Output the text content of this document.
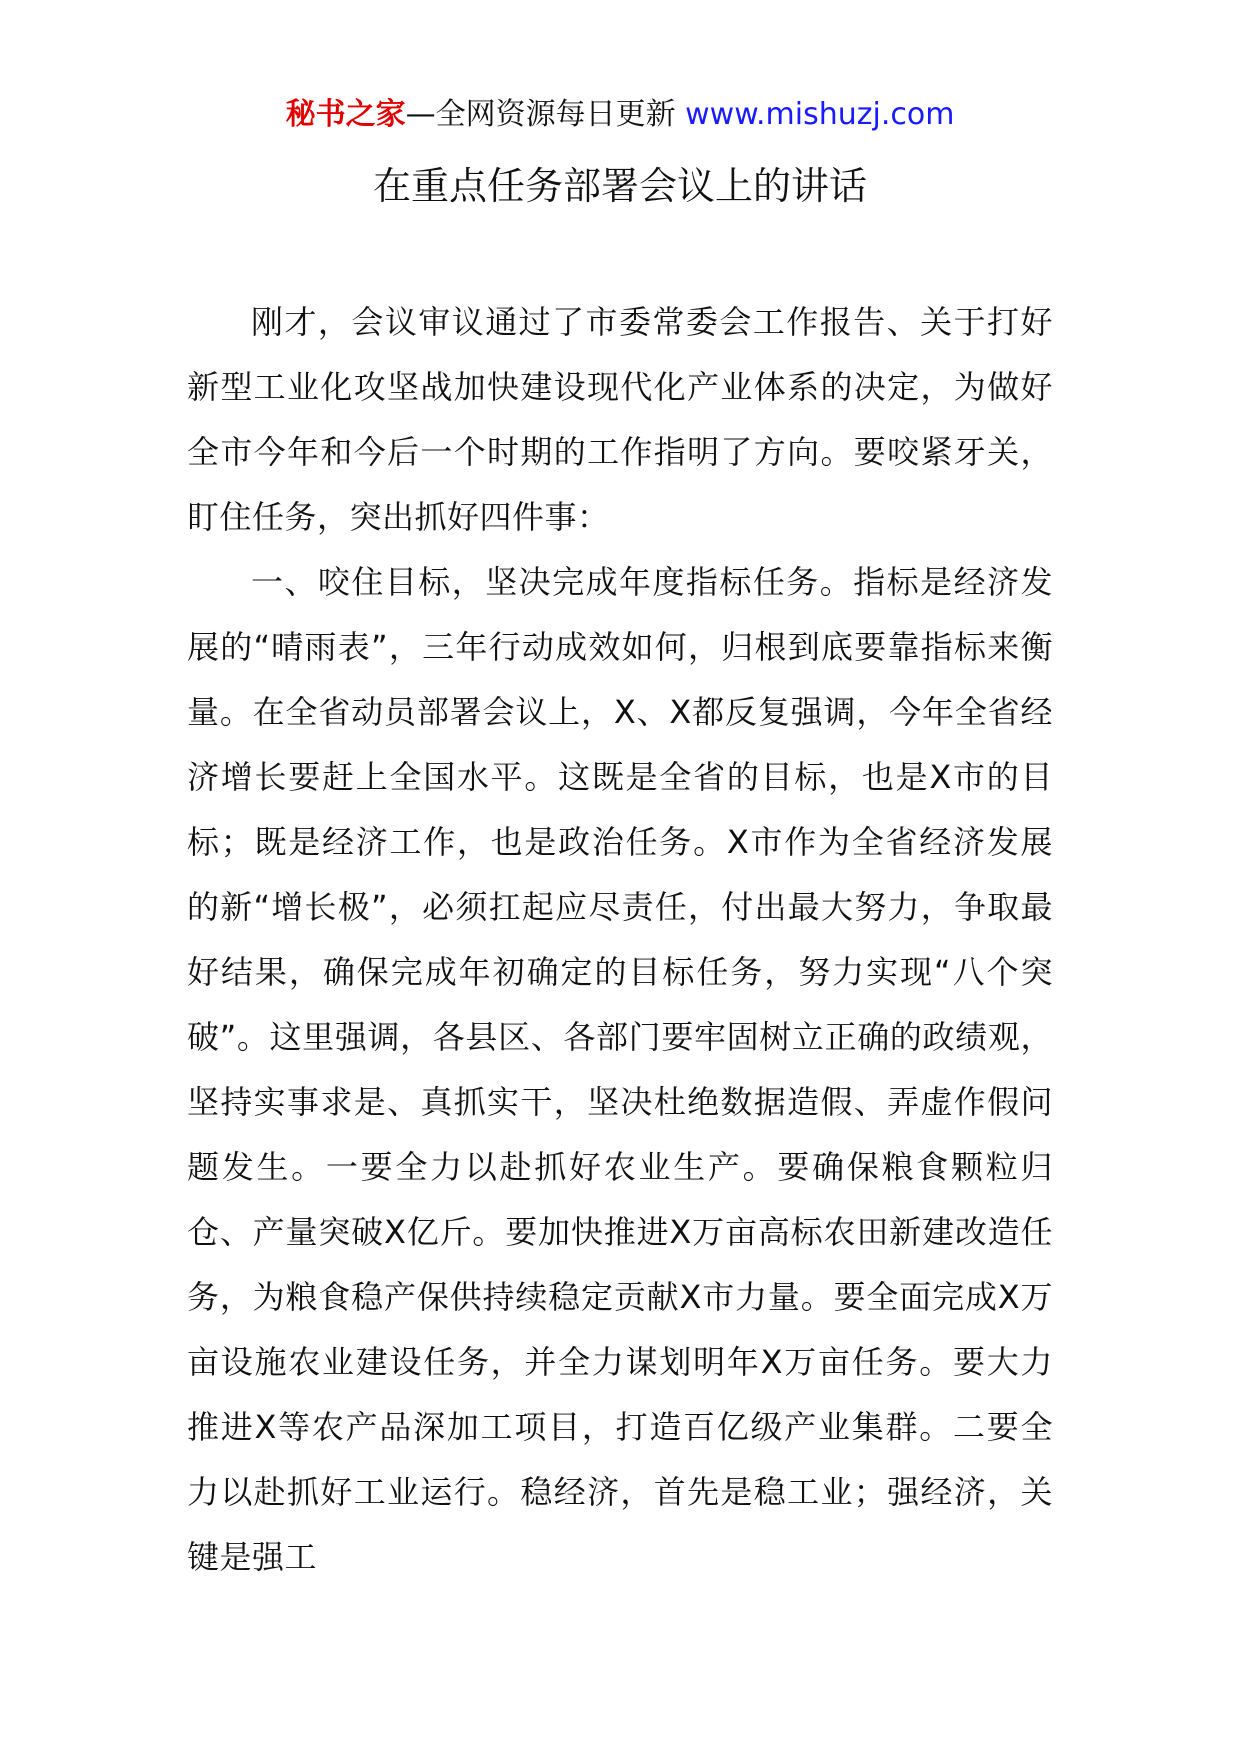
秘书之家—全网资源每日更新 www.mishuzj.com
在重点任务部署会议上的讲话

刚才，会议审议通过了市委常委会工作报告、关于打好新型工业化攻坚战加快建设现代化产业体系的决定，为做好全市今年和今后一个时期的工作指明了方向。要咬紧牙关，盯住任务，突出抓好四件事：

一、咬住目标，坚决完成年度指标任务。指标是经济发展的“晴雨表”，三年行动成效如何，归根到底要靠指标来衡量。在全省动员部署会议上，X、X都反复强调，今年全省经济增长要赶上全国水平。这既是全省的目标，也是X市的目标；既是经济工作，也是政治任务。X市作为全省经济发展的新“增长极”，必须扛起应尽责任，付出最大努力，争取最好结果，确保完成年初确定的目标任务，努力实现“八个突破”。这里强调，各县区、各部门要牢固树立正确的政绩观，坚持实事求是、真抓实干，坚决杜绝数据造假、弄虚作假问题发生。一要全力以赴抓好农业生产。要确保粮食颗粒归仓、产量突破X亿斤。要加快推进X万亩高标农田新建改造任务，为粮食稳产保供持续稳定贡献X市力量。要全面完成X万亩设施农业建设任务，并全力谋划明年X万亩任务。要大力推进X等农产品深加工项目，打造百亿级产业集群。二要全力以赴抓好工业运行。稳经济，首先是稳工业；强经济，关键是强工
